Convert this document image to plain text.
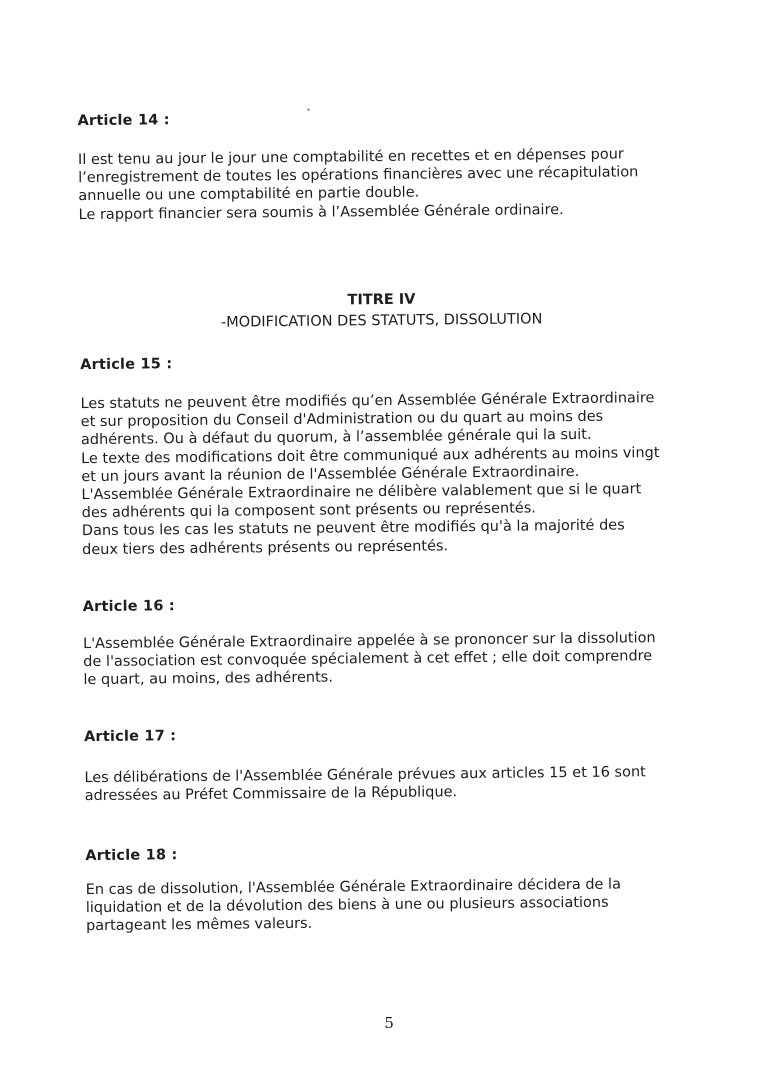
Article 14 :
Il est tenu au jour le jour une comptabilité en recettes et en dépenses pour
l’enregistrement de toutes les opérations financières avec une récapitulation
annuelle ou une comptabilité en partie double.
Le rapport financier sera soumis à l’Assemblée Générale ordinaire.
TITRE IV
-MODIFICATION DES STATUTS, DISSOLUTION
Article 15 :
Les statuts ne peuvent être modifiés qu’en Assemblée Générale Extraordinaire
et sur proposition du Conseil d'Administration ou du quart au moins des
adhérents. Ou à défaut du quorum, à l’assemblée générale qui la suit.
Le texte des modifications doit être communiqué aux adhérents au moins vingt
et un jours avant la réunion de l'Assemblée Générale Extraordinaire.
L'Assemblée Générale Extraordinaire ne délibère valablement que si le quart
des adhérents qui la composent sont présents ou représentés.
Dans tous les cas les statuts ne peuvent être modifiés qu'à la majorité des
deux tiers des adhérents présents ou représentés.
Article 16 :
L'Assemblée Générale Extraordinaire appelée à se prononcer sur la dissolution
de l'association est convoquée spécialement à cet effet ; elle doit comprendre
le quart, au moins, des adhérents.
Article 17 :
Les délibérations de l'Assemblée Générale prévues aux articles 15 et 16 sont
adressées au Préfet Commissaire de la République.
Article 18 :
En cas de dissolution, l'Assemblée Générale Extraordinaire décidera de la
liquidation et de la dévolution des biens à une ou plusieurs associations
partageant les mêmes valeurs.
5
